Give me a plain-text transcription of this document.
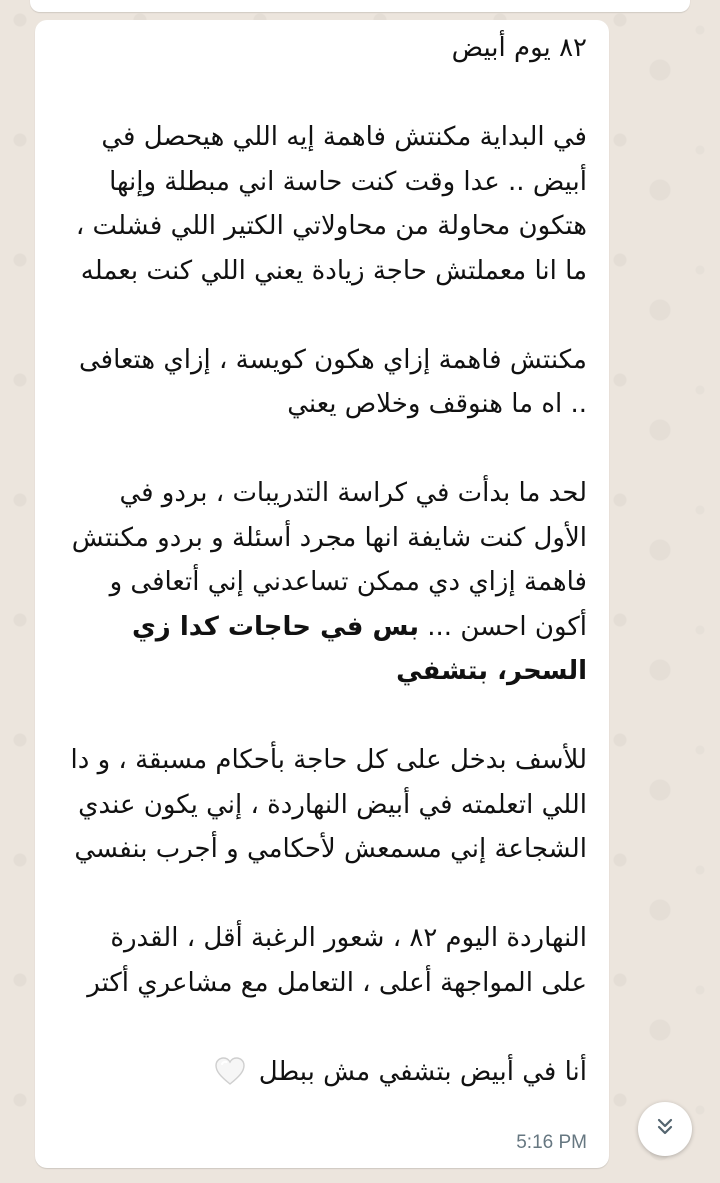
٨٢ يوم أبيض

في البداية مكنتش فاهمة إيه اللي هيحصل في أبيض .. عدا وقت كنت حاسة اني مبطلة وإنها هتكون محاولة من محاولاتي الكتير اللي فشلت ، ما انا معملتش حاجة زيادة يعني اللي كنت بعمله

مكنتش فاهمة إزاي هكون كويسة ، إزاي هتعافى .. اه ما هنوقف وخلاص يعني

لحد ما بدأت في كراسة التدريبات ، بردو في الأول كنت شايفة انها مجرد أسئلة و بردو مكنتش فاهمة إزاي دي ممكن تساعدني إني أتعافى و أكون احسن ... بس في حاجات كدا زي السحر، بتشفي

للأسف بدخل على كل حاجة بأحكام مسبقة ، و دا اللي اتعلمته في أبيض النهاردة ، إني يكون عندي الشجاعة إني مسمعش لأحكامي و أجرب بنفسي

النهاردة اليوم ٨٢ ، شعور الرغبة أقل ، القدرة على المواجهة أعلى ، التعامل مع مشاعري أكتر

أنا في أبيض بتشفي مش ببطل

5:16 PM
